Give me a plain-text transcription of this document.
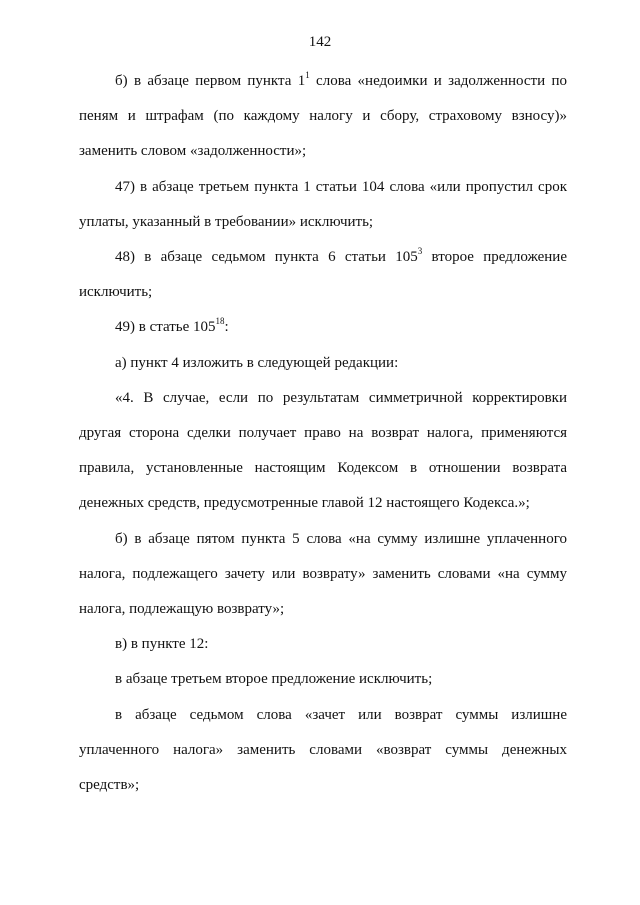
142

б) в абзаце первом пункта $1^1$ слова «недоимки и задолженности по пеням и штрафам (по каждому налогу и сбору, страховому взносу)» заменить словом «задолженности»;

47) в абзаце третьем пункта 1 статьи 104 слова «или пропустил срок уплаты, указанный в требовании» исключить;

48) в абзаце седьмом пункта 6 статьи $105^3$ второе предложение исключить;

49) в статье $105^{18}$:

а) пункт 4 изложить в следующей редакции:

«4. В случае, если по результатам симметричной корректировки другая сторона сделки получает право на возврат налога, применяются правила, установленные настоящим Кодексом в отношении возврата денежных средств, предусмотренные главой 12 настоящего Кодекса.»;

б) в абзаце пятом пункта 5 слова «на сумму излишне уплаченного налога, подлежащего зачету или возврату» заменить словами «на сумму налога, подлежащую возврату»;

в) в пункте 12:

в абзаце третьем второе предложение исключить;

в абзаце седьмом слова «зачет или возврат суммы излишне уплаченного налога» заменить словами «возврат суммы денежных средств»;
